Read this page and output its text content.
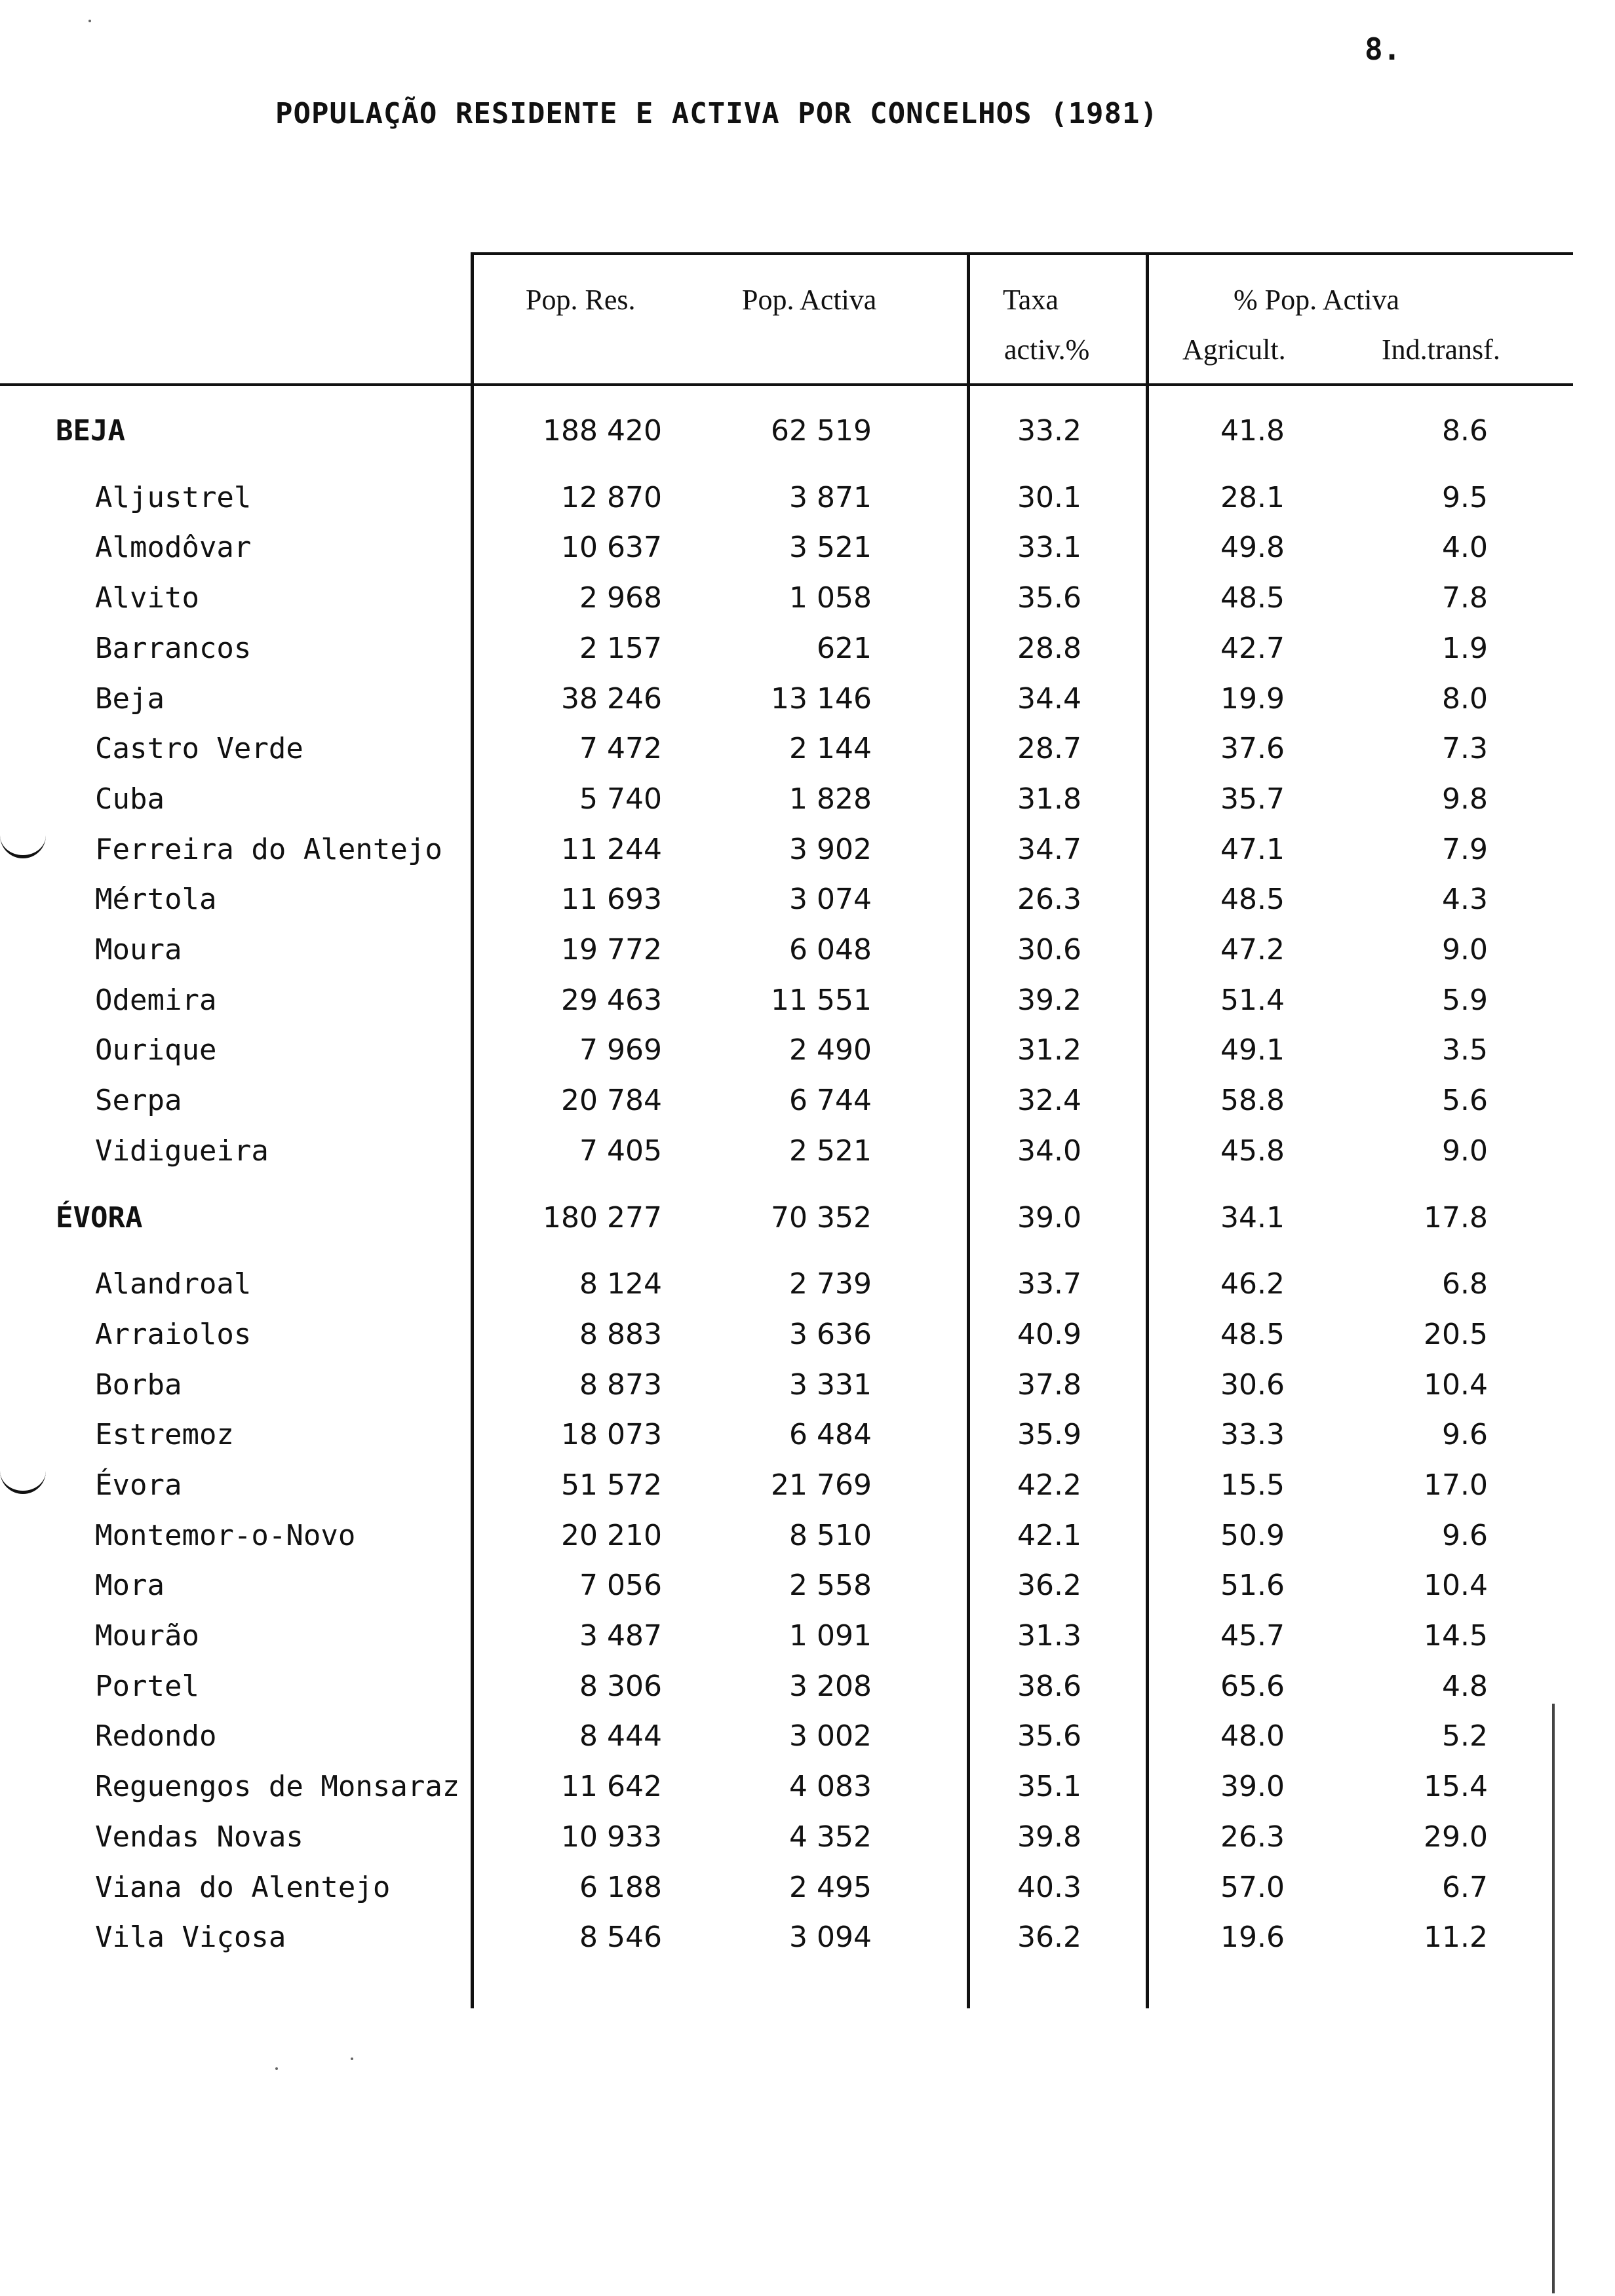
8.
POPULAÇÃO RESIDENTE E ACTIVA POR CONCELHOS (1981)
Pop. Res.	Pop. Activa	Taxa
activ.%
% Pop. Activa
Agricult.	Ind.transf.
BEJA	188 420	62 519	33.2	41.8	8.6
Aljustrel	12 870	3 871	30.1	28.1	9.5
Almodôvar	10 637	3 521	33.1	49.8	4.0
Alvito	2 968	1 058	35.6	48.5	7.8
Barrancos	2 157	621	28.8	42.7	1.9
Beja	38 246	13 146	34.4	19.9	8.0
Castro Verde	7 472	2 144	28.7	37.6	7.3
Cuba	5 740	1 828	31.8	35.7	9.8
Ferreira do Alentejo	11 244	3 902	34.7	47.1	7.9
Mértola	11 693	3 074	26.3	48.5	4.3
Moura	19 772	6 048	30.6	47.2	9.0
Odemira	29 463	11 551	39.2	51.4	5.9
Ourique	7 969	2 490	31.2	49.1	3.5
Serpa	20 784	6 744	32.4	58.8	5.6
Vidigueira	7 405	2 521	34.0	45.8	9.0
ÉVORA	180 277	70 352	39.0	34.1	17.8
Alandroal	8 124	2 739	33.7	46.2	6.8
Arraiolos	8 883	3 636	40.9	48.5	20.5
Borba	8 873	3 331	37.8	30.6	10.4
Estremoz	18 073	6 484	35.9	33.3	9.6
Évora	51 572	21 769	42.2	15.5	17.0
Montemor-o-Novo	20 210	8 510	42.1	50.9	9.6
Mora	7 056	2 558	36.2	51.6	10.4
Mourão	3 487	1 091	31.3	45.7	14.5
Portel	8 306	3 208	38.6	65.6	4.8
Redondo	8 444	3 002	35.6	48.0	5.2
Reguengos de Monsaraz	11 642	4 083	35.1	39.0	15.4
Vendas Novas	10 933	4 352	39.8	26.3	29.0
Viana do Alentejo	6 188	2 495	40.3	57.0	6.7
Vila Viçosa	8 546	3 094	36.2	19.6	11.2
